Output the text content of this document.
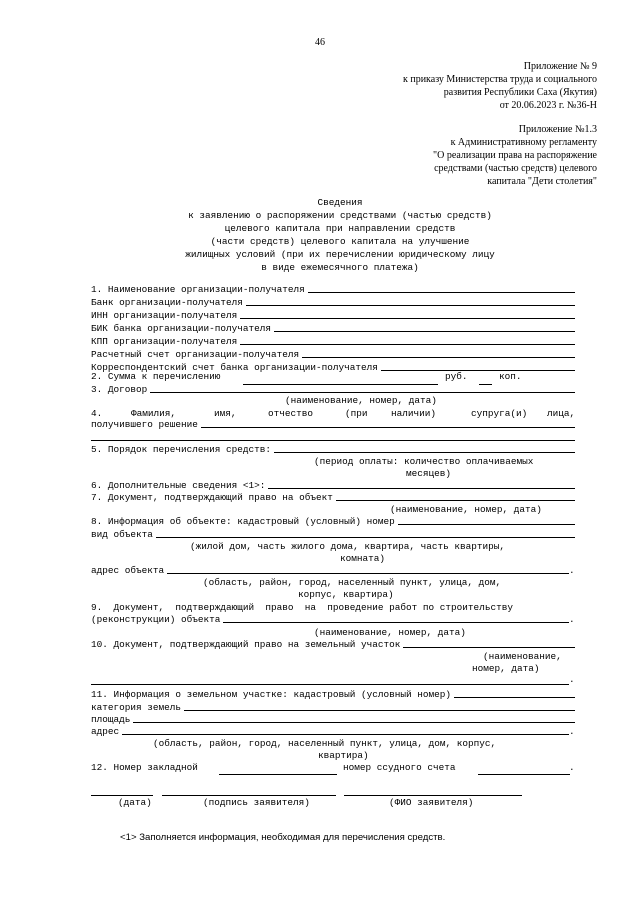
46
Приложение № 9
к приказу Министерства труда и социального
развития Республики Саха (Якутия)
от 20.06.2023 г. №36-Н
Приложение №1.3
к Административному регламенту
"О реализации права на распоряжение
средствами (частью средств) целевого
капитала "Дети столетия"
Сведения
к заявлению о распоряжении средствами (частью средств)
целевого капитала при направлении средств
(части средств) целевого капитала на улучшение
жилищных условий (при их перечислении юридическому лицу
в виде ежемесячного платежа)
1. Наименование организации-получателя
Банк организации-получателя
ИНН организации-получателя
БИК банка организации-получателя
КПП организации-получателя
Расчетный счет организации-получателя
Корреспондентский счет банка организации-получателя
2. Сумма к перечислению	руб.	коп.
3. Договор
(наименование, номер, дата)
4.	Фамилия,	имя,	отчество	(при наличии)	супруга(и) лица,
получившего решение
5. Порядок перечисления средств:
(период оплаты: количество оплачиваемых
месяцев)
6. Дополнительные сведения <1>:
7. Документ, подтверждающий право на объект
(наименование, номер, дата)
8. Информация об объекте: кадастровый (условный) номер
вид объекта
(жилой дом, часть жилого дома, квартира, часть квартиры,
комната)
адрес объекта	.
(область, район, город, населенный пункт, улица, дом,
корпус, квартира)
9.  Документ,  подтверждающий  право  на  проведение работ по строительству
(реконструкции) объекта	.
(наименование, номер, дата)
10. Документ, подтверждающий право на земельный участок
(наименование,
номер, дата)
.
11. Информация о земельном участке: кадастровый (условный номер)
категория земель
площадь
адрес	.
(область, район, город, населенный пункт, улица, дом, корпус,
квартира)
12. Номер закладной	номер ссудного счета	.
(дата)	(подпись заявителя)	(ФИО заявителя)
<1> Заполняется информация, необходимая для перечисления средств.
